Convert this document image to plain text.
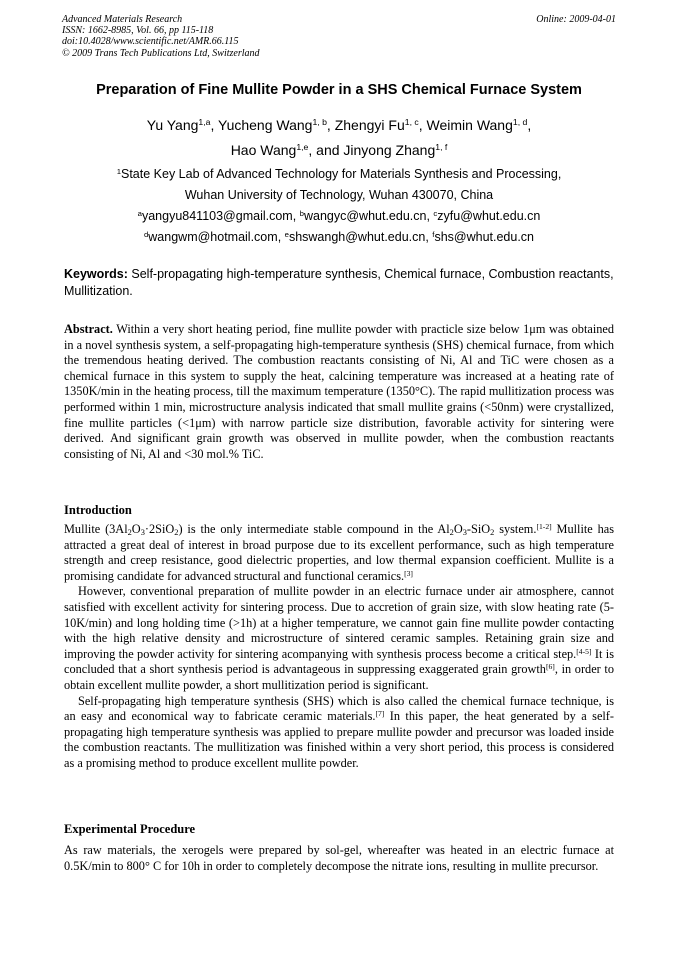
Advanced Materials Research
ISSN: 1662-8985, Vol. 66, pp 115-118
doi:10.4028/www.scientific.net/AMR.66.115
© 2009 Trans Tech Publications Ltd, Switzerland
Online: 2009-04-01
Preparation of Fine Mullite Powder in a SHS Chemical Furnace System
Yu Yang$^{1,a}$, Yucheng Wang$^{1, b}$, Zhengyi Fu$^{1, c}$, Weimin Wang$^{1, d}$,
Hao Wang$^{1,e}$, and Jinyong Zhang$^{1, f}$
$^1$State Key Lab of Advanced Technology for Materials Synthesis and Processing,
Wuhan University of Technology, Wuhan 430070, China
$^a$yangyu841103@gmail.com, $^b$wangyc@whut.edu.cn, $^c$zyfu@whut.edu.cn
$^d$wangwm@hotmail.com, $^e$shswangh@whut.edu.cn, $^f$shs@whut.edu.cn
Keywords: Self-propagating high-temperature synthesis, Chemical furnace, Combustion reactants, Mullitization.

Abstract. Within a very short heating period, fine mullite powder with practicle size below 1μm was obtained in a novel synthesis system, a self-propagating high-temperature synthesis (SHS) chemical furnace, from which the tremendous heating derived. The combustion reactants consisting of Ni, Al and TiC were chosen as a chemical furnace in this system to supply the heat, calcining temperature was increased at a heating rate of 1350K/min in the heating process, till the maximum temperature (1350°C). The rapid mullitization process was performed within 1 min, microstructure analysis indicated that small mullite grains (<50nm) were crystallized, fine mullite particles (<1μm) with narrow particle size distribution, favorable activity for sintering were derived. And significant grain growth was observed in mullite powder, when the combustion reactants consisting of Ni, Al and <30 mol.% TiC.

Introduction

Mullite $(3Al_2O_3\cdot 2SiO_2)$ is the only intermediate stable compound in the $Al_2O_3-SiO_2$ system.[1-2] Mullite has attracted a great deal of interest in broad purpose due to its excellent performance, such as high temperature strength and creep resistance, good dielectric properties, and low thermal expansion coefficient. Mullite is a promising candidate for advanced structural and functional ceramics.[3]

However, conventional preparation of mullite powder in an electric furnace under air atmosphere, cannot satisfied with excellent activity for sintering process. Due to accretion of grain size, with slow heating rate (5-10K/min) and long holding time (>1h) at a higher temperature, we cannot gain fine mullite powder contacting with the high relative density and microstructure of sintered ceramic samples. Retaining grain size and improving the powder activity for sintering acompanying with synthesis process become a critical step.[4-5] It is concluded that a short synthesis period is advantageous in suppressing exaggerated grain growth[6], in order to obtain excellent mullite powder, a short mullitization period is significant.

Self-propagating high temperature synthesis (SHS) which is also called the chemical furnace technique, is an easy and economical way to fabricate ceramic materials.[7] In this paper, the heat generated by a self-propagating high temperature synthesis was applied to prepare mullite powder and precursor was loaded inside the combustion reactants. The mullitization was finished within a very short period, this process is considered as a promising method to produce excellent mullite powder.

Experimental Procedure

As raw materials, the xerogels were prepared by sol-gel, whereafter was heated in an electric furnace at 0.5K/min to 800° C for 10h in order to completely decompose the nitrate ions, resulting in mullite precursor.
